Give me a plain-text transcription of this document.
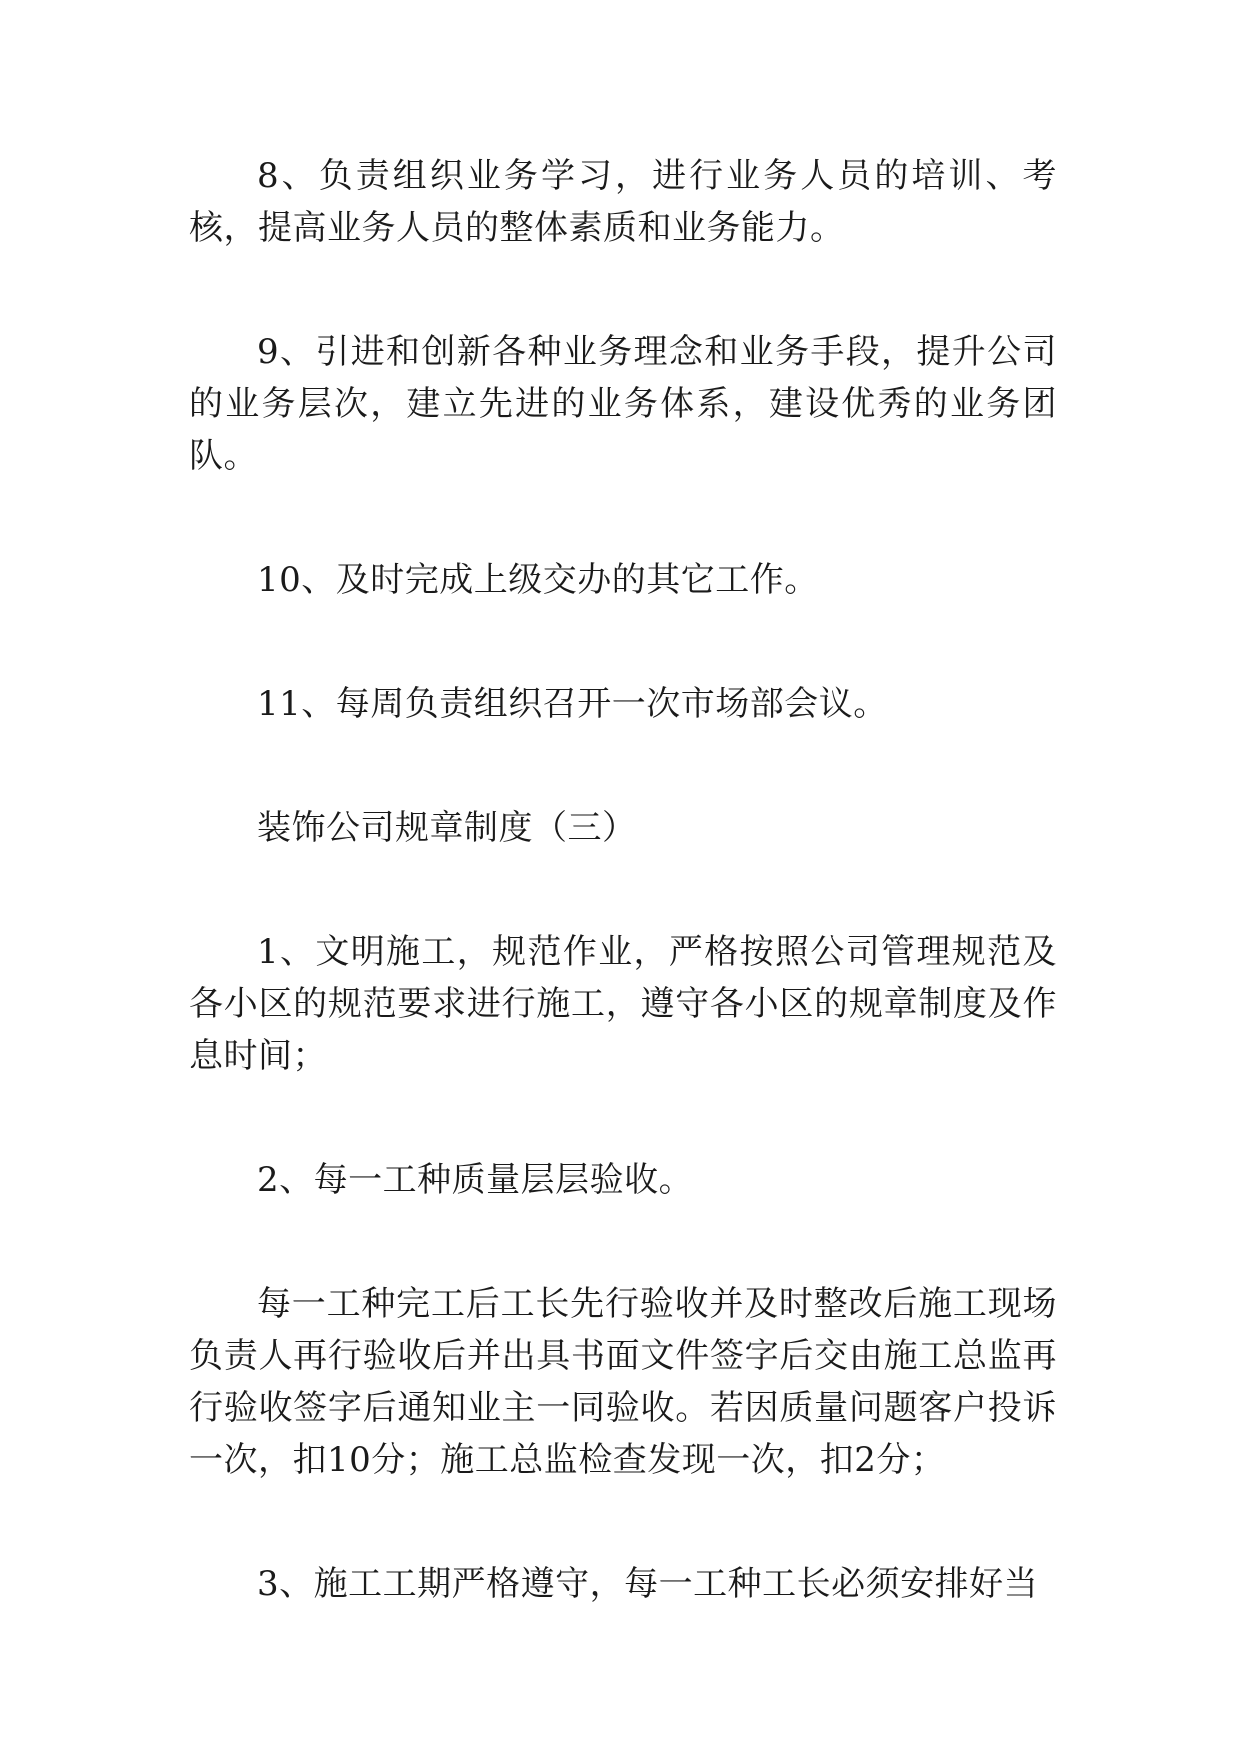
8、负责组织业务学习，进行业务人员的培训、考核，提高业务人员的整体素质和业务能力。

9、引进和创新各种业务理念和业务手段，提升公司的业务层次，建立先进的业务体系，建设优秀的业务团队。

10、及时完成上级交办的其它工作。

11、每周负责组织召开一次市场部会议。

装饰公司规章制度（三）

1、文明施工，规范作业，严格按照公司管理规范及各小区的规范要求进行施工，遵守各小区的规章制度及作息时间；

2、每一工种质量层层验收。

每一工种完工后工长先行验收并及时整改后施工现场负责人再行验收后并出具书面文件签字后交由施工总监再行验收签字后通知业主一同验收。若因质量问题客户投诉一次，扣10分；施工总监检查发现一次，扣2分；

3、施工工期严格遵守，每一工种工长必须安排好当
